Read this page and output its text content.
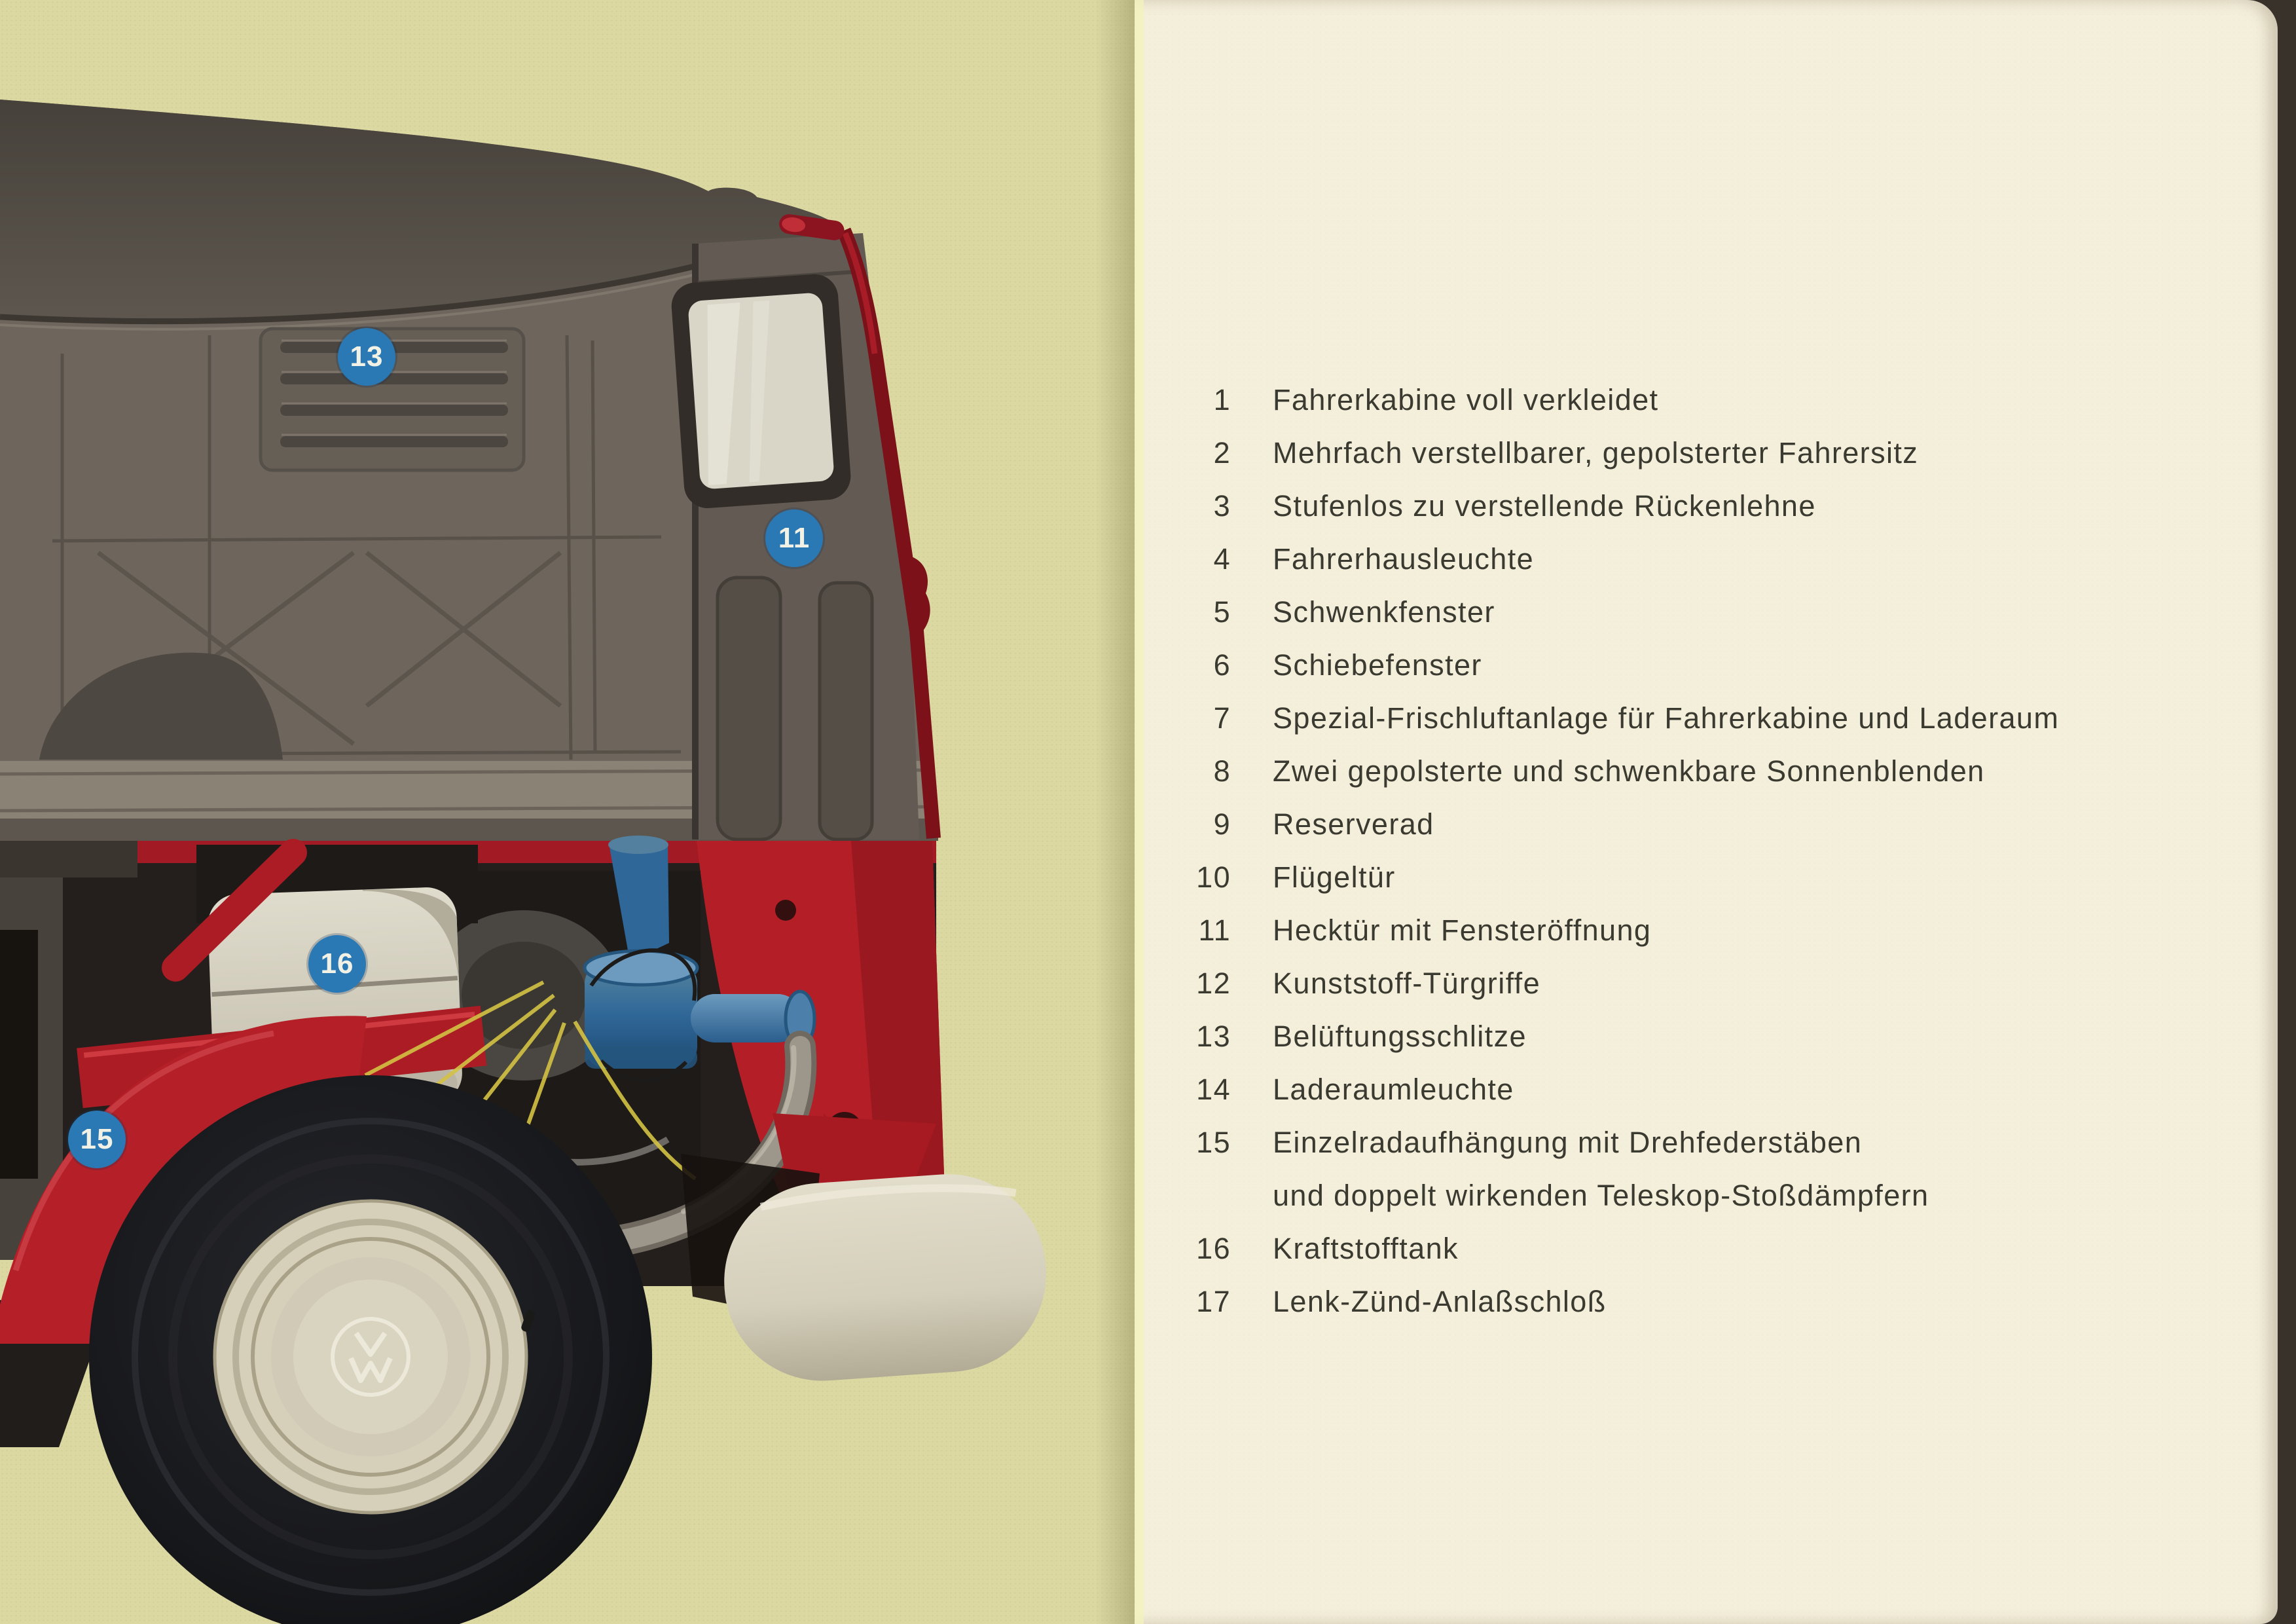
13
11
16
15
1 Fahrerkabine voll verkleidet
2 Mehrfach verstellbarer, gepolsterter Fahrersitz
3 Stufenlos zu verstellende Rückenlehne
4 Fahrerhausleuchte
5 Schwenkfenster
6 Schiebefenster
7 Spezial-Frischluftanlage für Fahrerkabine und Laderaum
8 Zwei gepolsterte und schwenkbare Sonnenblenden
9 Reserverad
10 Flügeltür
11 Hecktür mit Fensteröffnung
12 Kunststoff-Türgriffe
13 Belüftungsschlitze
14 Laderaumleuchte
15 Einzelradaufhängung mit Drehfederstäben
und doppelt wirkenden Teleskop-Stoßdämpfern
16 Kraftstofftank
17 Lenk-Zünd-Anlaßschloß
